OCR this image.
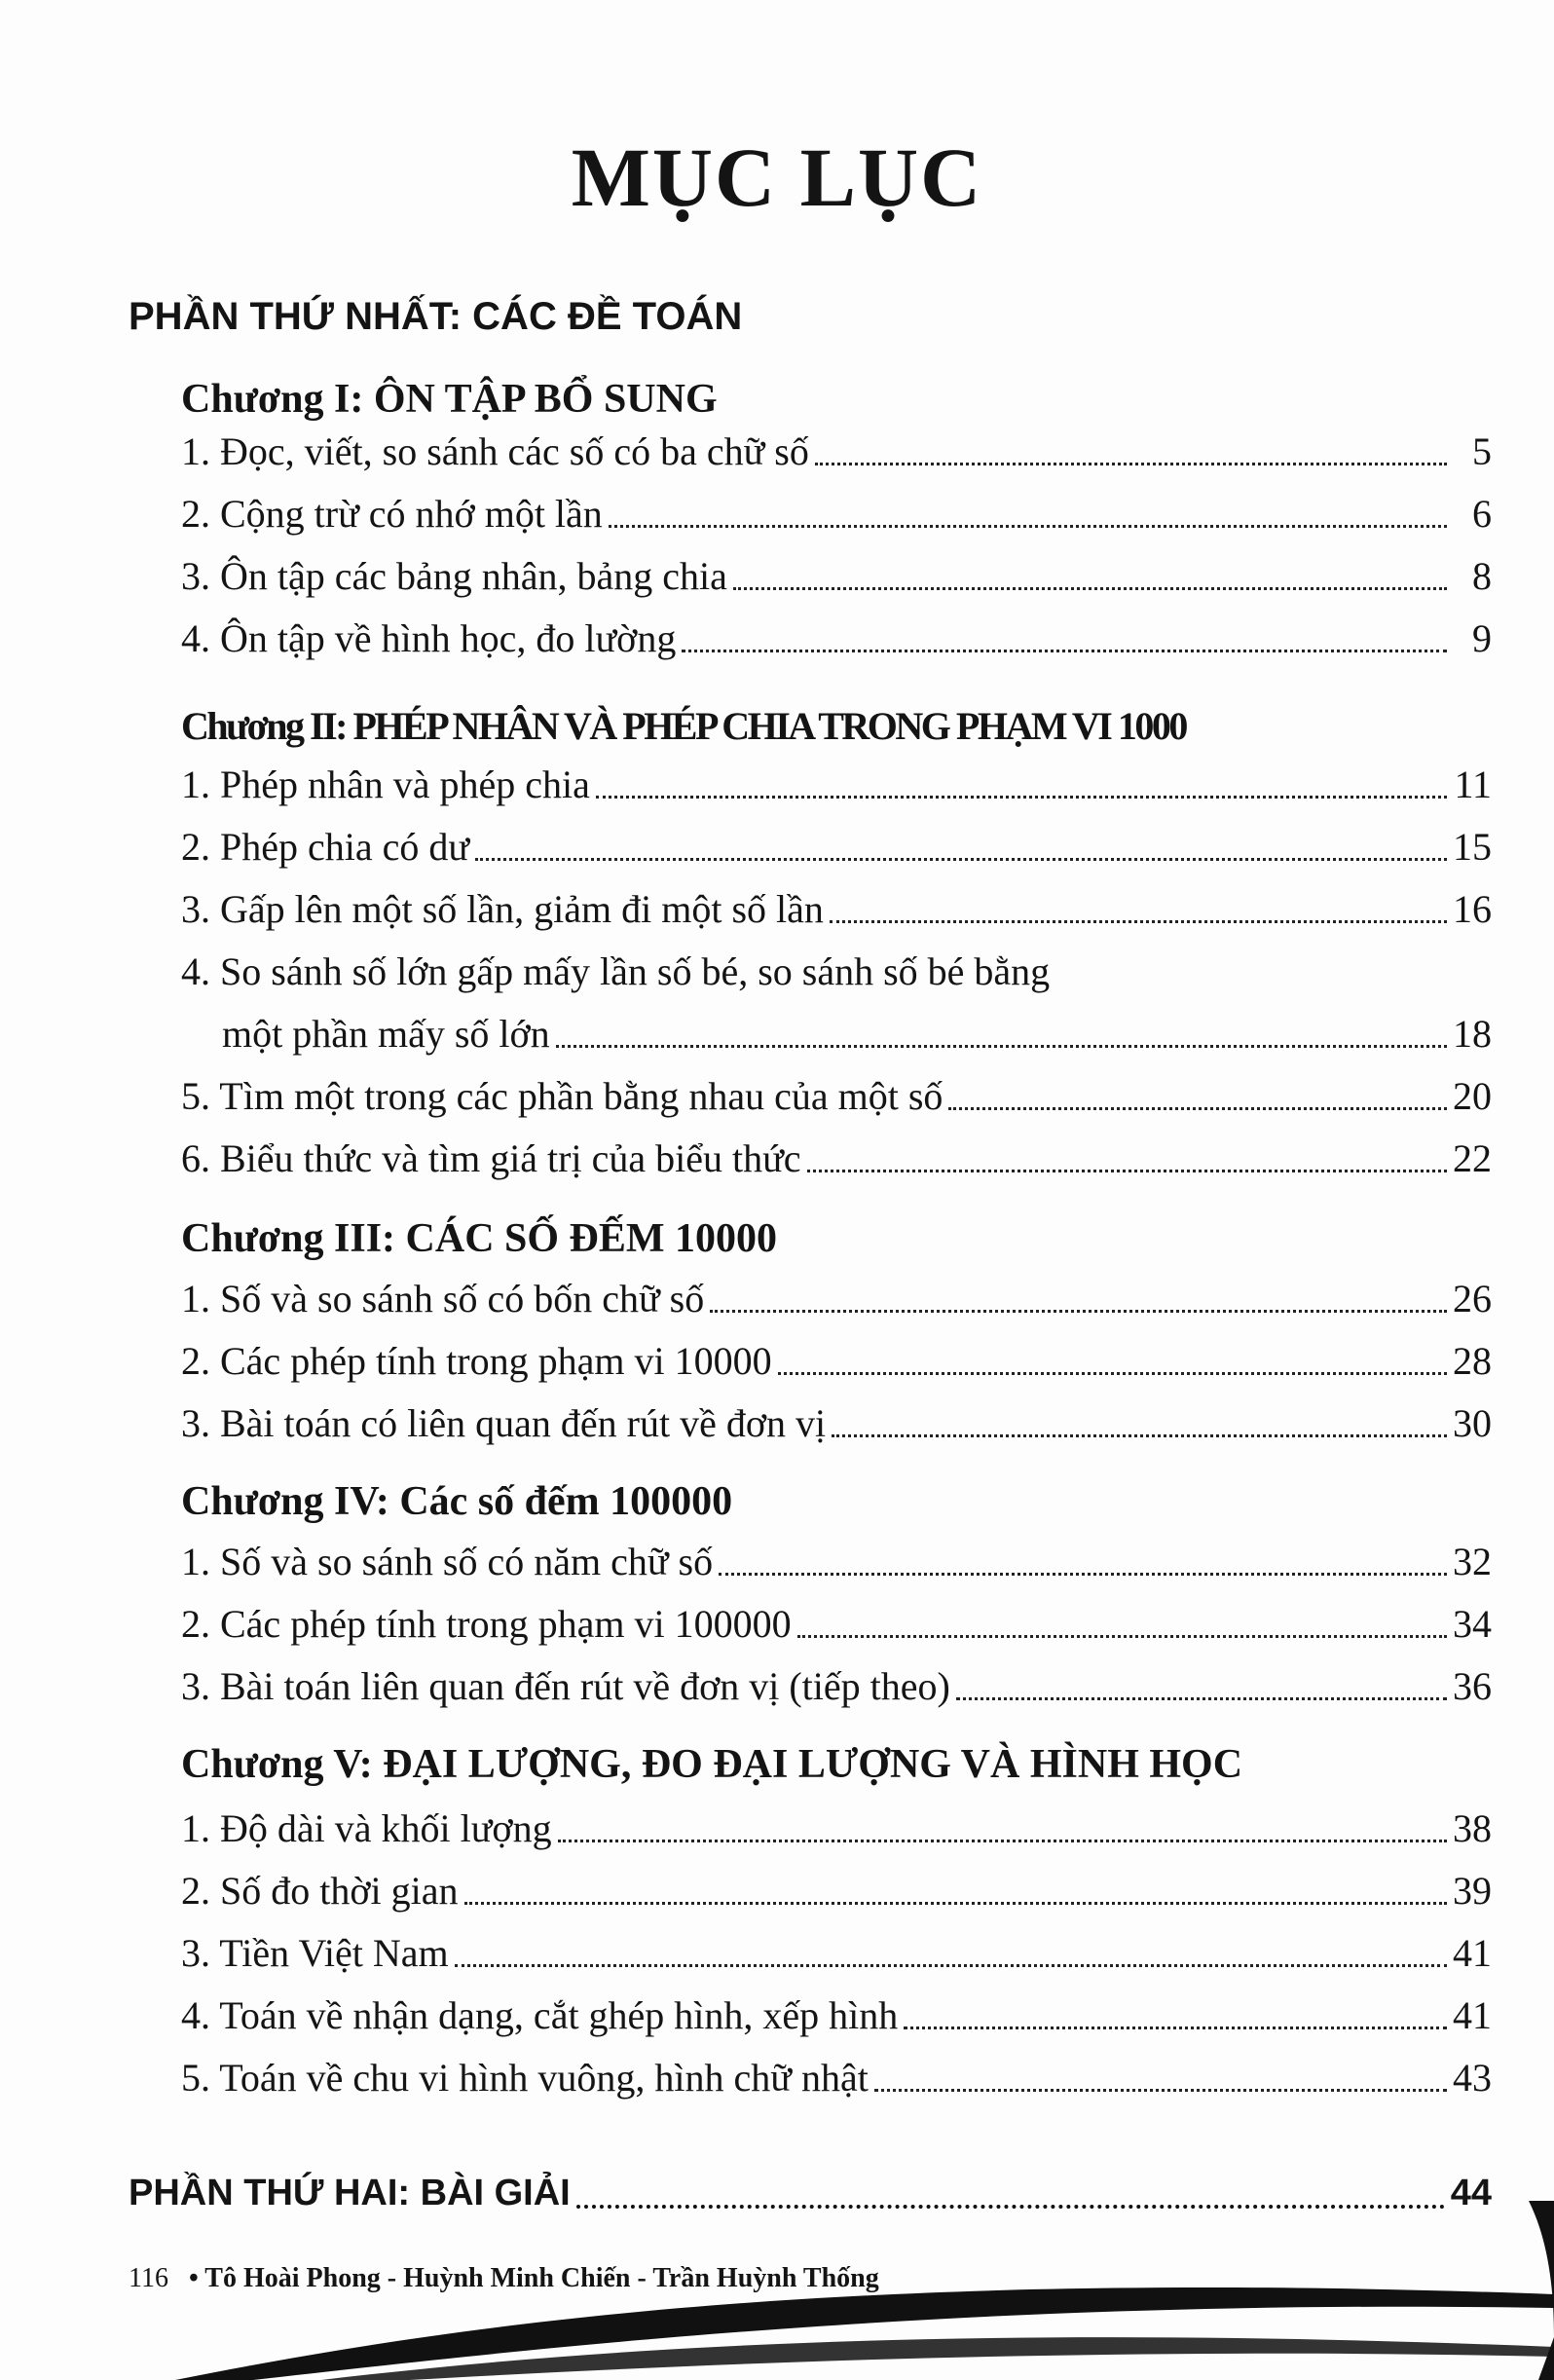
MỤC LỤC
PHẦN THỨ NHẤT: CÁC ĐỀ TOÁN
Chương I: ÔN TẬP BỔ SUNG
1. Đọc, viết, so sánh các số có ba chữ số	5
2. Cộng trừ có nhớ một lần	6
3. Ôn tập các bảng nhân, bảng chia	8
4. Ôn tập về hình học, đo lường	9
Chương II: PHÉP NHÂN VÀ PHÉP CHIA TRONG PHẠM VI 1000
1. Phép nhân và phép chia	11
2. Phép chia có dư	15
3. Gấp lên một số lần, giảm đi một số lần	16
4. So sánh số lớn gấp mấy lần số bé, so sánh số bé bằng
một phần mấy số lớn	18
5. Tìm một trong các phần bằng nhau của một số	20
6. Biểu thức và tìm giá trị của biểu thức	22
Chương III: CÁC SỐ ĐẾM 10000
1. Số và so sánh số có bốn chữ số	26
2. Các phép tính trong phạm vi 10000	28
3. Bài toán có liên quan đến rút về đơn vị	30
Chương IV: Các số đếm 100000
1. Số và so sánh số có năm chữ số	32
2. Các phép tính trong phạm vi 100000	34
3. Bài toán liên quan đến rút về đơn vị (tiếp theo)	36
Chương V: ĐẠI LƯỢNG, ĐO ĐẠI LƯỢNG VÀ HÌNH HỌC
1. Độ dài và khối lượng	38
2. Số đo thời gian	39
3. Tiền Việt Nam	41
4. Toán về nhận dạng, cắt ghép hình, xếp hình	41
5. Toán về chu vi hình vuông, hình chữ nhật	43
PHẦN THỨ HAI: BÀI GIẢI	44
116 • Tô Hoài Phong - Huỳnh Minh Chiến - Trần Huỳnh Thống
